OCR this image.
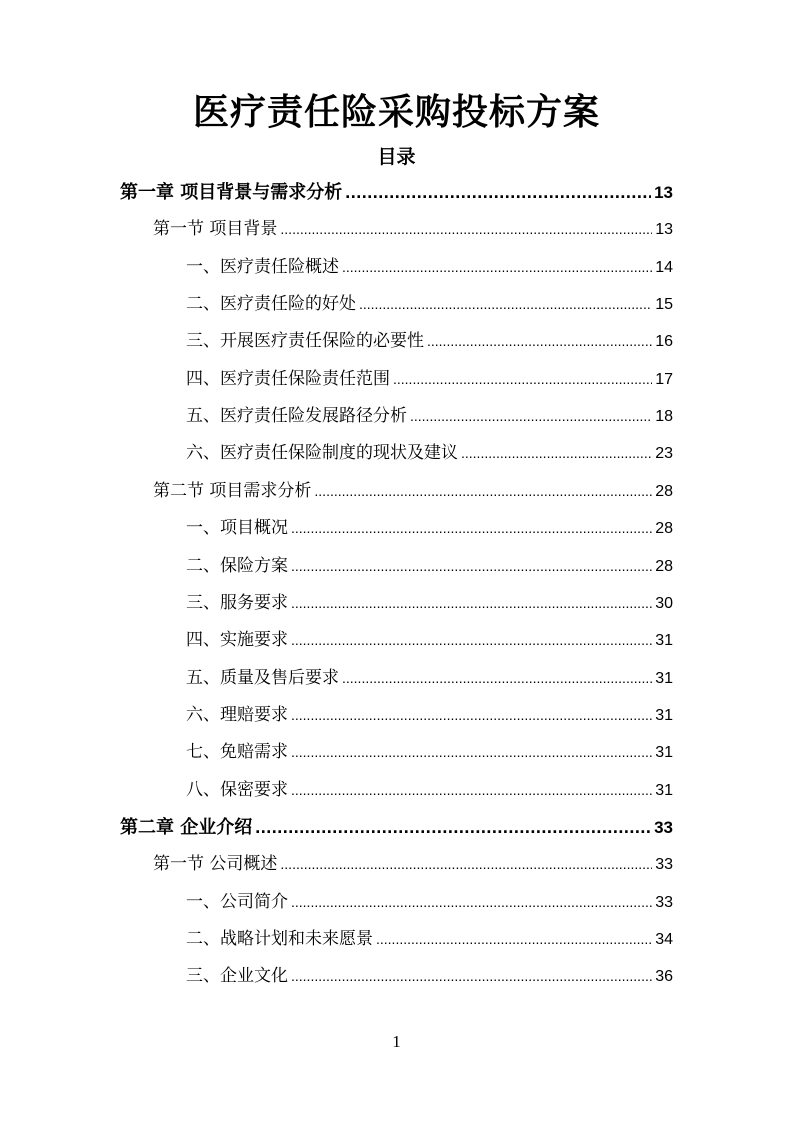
医疗责任险采购投标方案
目录
第一章 项目背景与需求分析 .....	13
第一节 项目背景 .....	13
一、医疗责任险概述 .....	14
二、医疗责任险的好处 .....	15
三、开展医疗责任保险的必要性 .....	16
四、医疗责任保险责任范围 .....	17
五、医疗责任险发展路径分析 .....	18
六、医疗责任保险制度的现状及建议 .....	23
第二节 项目需求分析 .....	28
一、项目概况 .....	28
二、保险方案 .....	28
三、服务要求 .....	30
四、实施要求 .....	31
五、质量及售后要求 .....	31
六、理赔要求 .....	31
七、免赔需求 .....	31
八、保密要求 .....	31
第二章 企业介绍 .....	33
第一节 公司概述 .....	33
一、公司简介 .....	33
二、战略计划和未来愿景 .....	34
三、企业文化 .....	36
1
